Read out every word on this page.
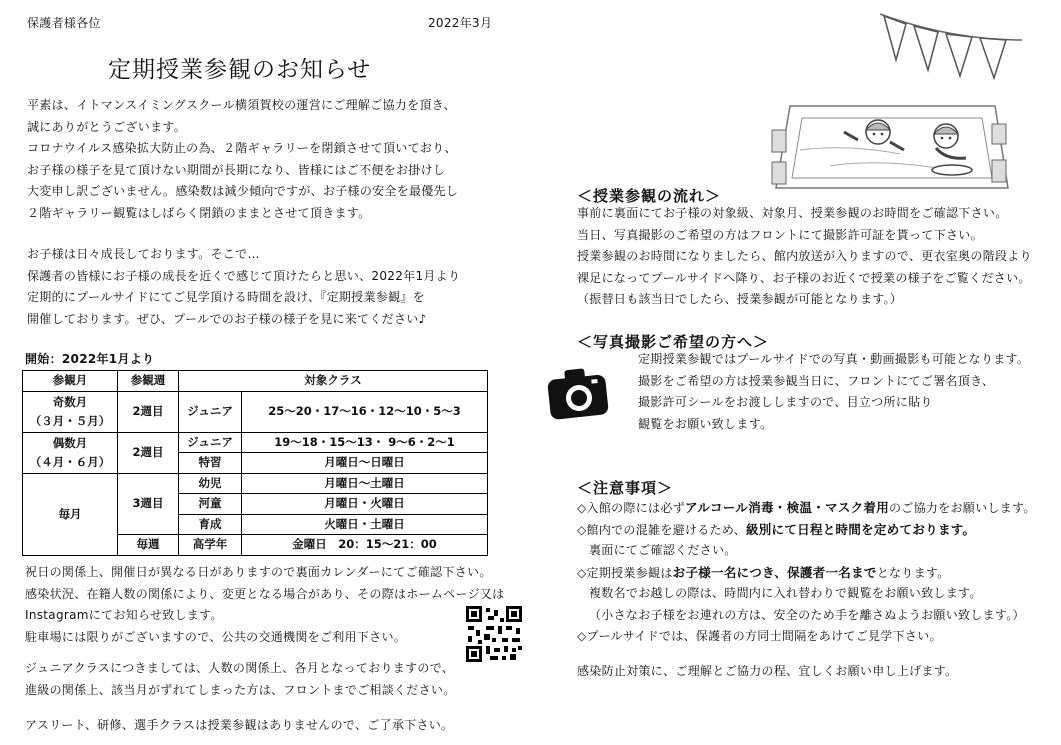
保護者様各位	2022年3月
定期授業参観のお知らせ
平素は、イトマンスイミングスクール横須賀校の運営にご理解ご協力を頂き、
誠にありがとうございます。
コロナウイルス感染拡大防止の為、２階ギャラリーを閉鎖させて頂いており、
お子様の様子を見て頂けない期間が長期になり、皆様にはご不便をお掛けし
大変申し訳ございません。感染数は減少傾向ですが、お子様の安全を最優先し
２階ギャラリー観覧はしばらく閉鎖のままとさせて頂きます。
お子様は日々成長しております。そこで…
保護者の皆様にお子様の成長を近くで感じて頂けたらと思い、2022年1月より
定期的にプールサイドにてご見学頂ける時間を設け、『定期授業参観』を
開催しております。ぜひ、プールでのお子様の様子を見に来てください♪
開始：2022年1月より
参観月	参観週	対象クラス	
奇数月
（３月・５月）	2週目	ジュニア	25～20・17～16・12～10・5～3
偶数月
（４月・６月）	2週目	ジュニア	19～18・15～13・ 9～6・2～1
		特習	月曜日～日曜日
毎月	3週目	幼児	月曜日～土曜日
		河童	月曜日・火曜日
		育成	火曜日・土曜日
	毎週	高学年	金曜日　20：15～21：00
祝日の関係上、開催日が異なる日がありますので裏面カレンダーにてご確認下さい。
感染状況、在籍人数の関係により、変更となる場合があり、その際はホームページ又は
Instagramにてお知らせ致します。
駐車場には限りがございますので、公共の交通機関をご利用下さい。
ジュニアクラスにつきましては、人数の関係上、各月となっておりますので、
進級の関係上、該当月がずれてしまった方は、フロントまでご相談ください。
アスリート、研修、選手クラスは授業参観はありませんので、ご了承下さい。
＜授業参観の流れ＞
事前に裏面にてお子様の対象級、対象月、授業参観のお時間をご確認下さい。
当日、写真撮影のご希望の方はフロントにて撮影許可証を貰って下さい。
授業参観のお時間になりましたら、館内放送が入りますので、更衣室奥の階段より
裸足になってプールサイドへ降り、お子様のお近くで授業の様子をご覧ください。
（振替日も該当日でしたら、授業参観が可能となります。）
＜写真撮影ご希望の方へ＞
定期授業参観ではプールサイドでの写真・動画撮影も可能となります。
撮影をご希望の方は授業参観当日に、フロントにてご署名頂き、
撮影許可シールをお渡ししますので、目立つ所に貼り
観覧をお願い致します。
＜注意事項＞
◇入館の際には必ずアルコール消毒・検温・マスク着用のご協力をお願いします。
◇館内での混雑を避けるため、級別にて日程と時間を定めております。
裏面にてご確認ください。
◇定期授業参観はお子様一名につき、保護者一名までとなります。
複数名でお越しの際は、時間内に入れ替わりで観覧をお願い致します。
（小さなお子様をお連れの方は、安全のため手を離さぬようお願い致します。）
◇プールサイドでは、保護者の方同士間隔をあけてご見学下さい。
感染防止対策に、ご理解とご協力の程、宜しくお願い申し上げます。
